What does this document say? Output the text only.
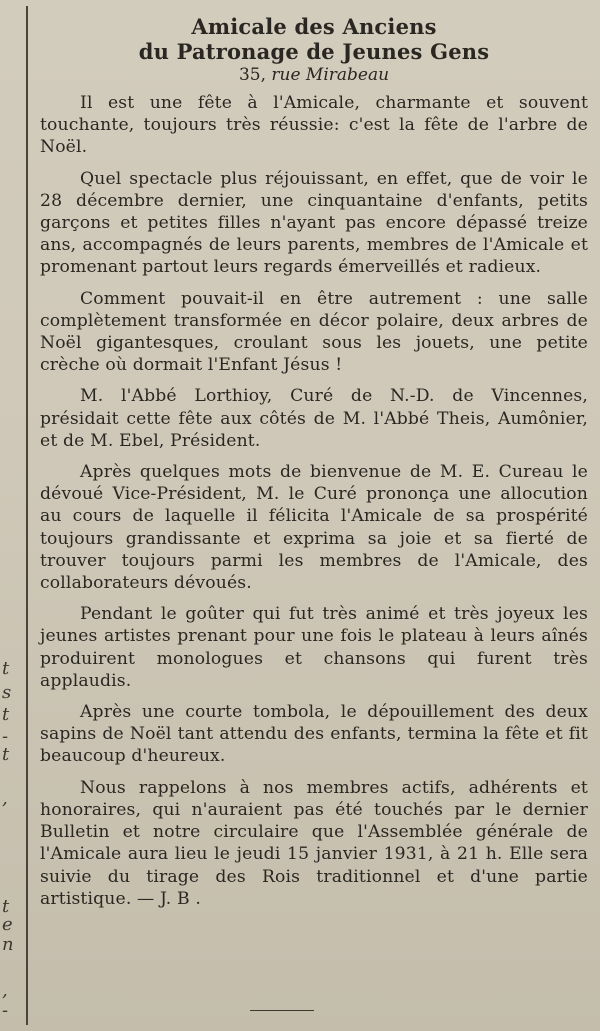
t
s
t
-
t
,
t
e
n
,
-
Amicale des Anciens
du Patronage de Jeunes Gens

35, rue Mirabeau

Il est une fête à l'Amicale, charmante et souvent touchante, toujours très réussie: c'est la fête de l'arbre de Noël.

Quel spectacle plus réjouissant, en effet, que de voir le 28 décembre dernier, une cinquantaine d'enfants, petits garçons et petites filles n'ayant pas encore dépassé treize ans, accompagnés de leurs parents, membres de l'Amicale et promenant partout leurs regards émerveillés et radieux.

Comment pouvait-il en être autrement : une salle complètement transformée en décor polaire, deux arbres de Noël gigantesques, croulant sous les jouets, une petite crèche où dormait l'Enfant Jésus !

M. l'Abbé Lorthioy, Curé de N.-D. de Vincennes, présidait cette fête aux côtés de M. l'Abbé Theis, Aumônier, et de M. Ebel, Président.

Après quelques mots de bienvenue de M. E. Cureau le dévoué Vice-Président, M. le Curé prononça une allocution au cours de laquelle il félicita l'Amicale de sa prospérité toujours grandissante et exprima sa joie et sa fierté de trouver toujours parmi les membres de l'Amicale, des collaborateurs dévoués.

Pendant le goûter qui fut très animé et très joyeux les jeunes artistes prenant pour une fois le plateau à leurs aînés produirent monologues et chansons qui furent très applaudis.

Après une courte tombola, le dépouillement des deux sapins de Noël tant attendu des enfants, termina la fête et fit beaucoup d'heureux.

Nous rappelons à nos membres actifs, adhérents et honoraires, qui n'auraient pas été touchés par le dernier Bulletin et notre circulaire que l'Assemblée générale de l'Amicale aura lieu le jeudi 15 janvier 1931, à 21 h. Elle sera suivie du tirage des Rois traditionnel et d'une partie artistique. — J. B .
